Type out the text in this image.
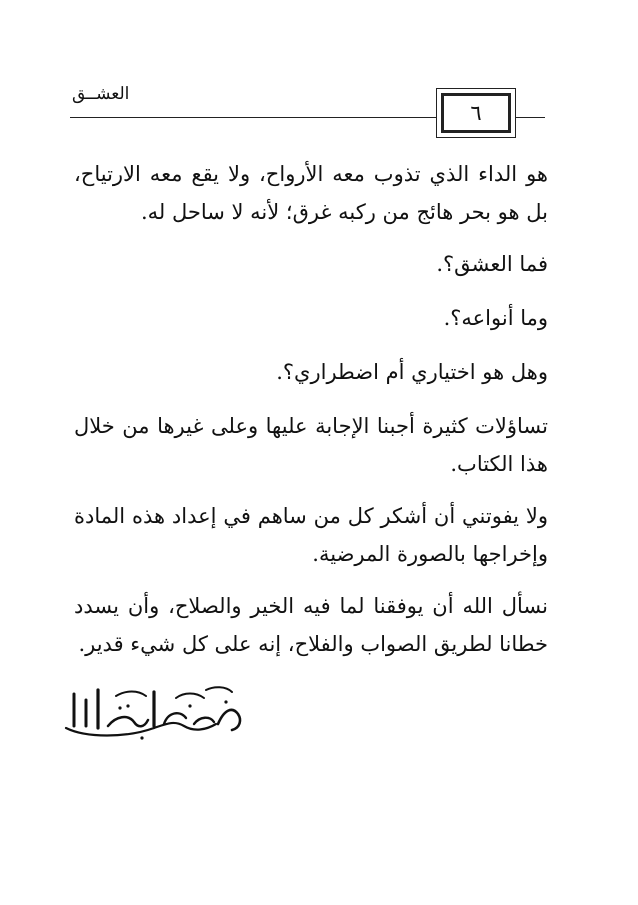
العشــق
٦

هو الداء الذي تذوب معه الأرواح، ولا يقع معه الارتياح، بل هو بحر هائج من ركبه غرق؛ لأنه لا ساحل له.

فما العشق؟.

وما أنواعه؟.

وهل هو اختياري أم اضطراري؟.

تساؤلات كثيرة أجبنا الإجابة عليها وعلى غيرها من خلال هذا الكتاب.

ولا يفوتني أن أشكر كل من ساهم في إعداد هذه المادة وإخراجها بالصورة المرضية.

نسأل الله أن يوفقنا لما فيه الخير والصلاح، وأن يسدد خطانا لطريق الصواب والفلاح، إنه على كل شيء قدير.
